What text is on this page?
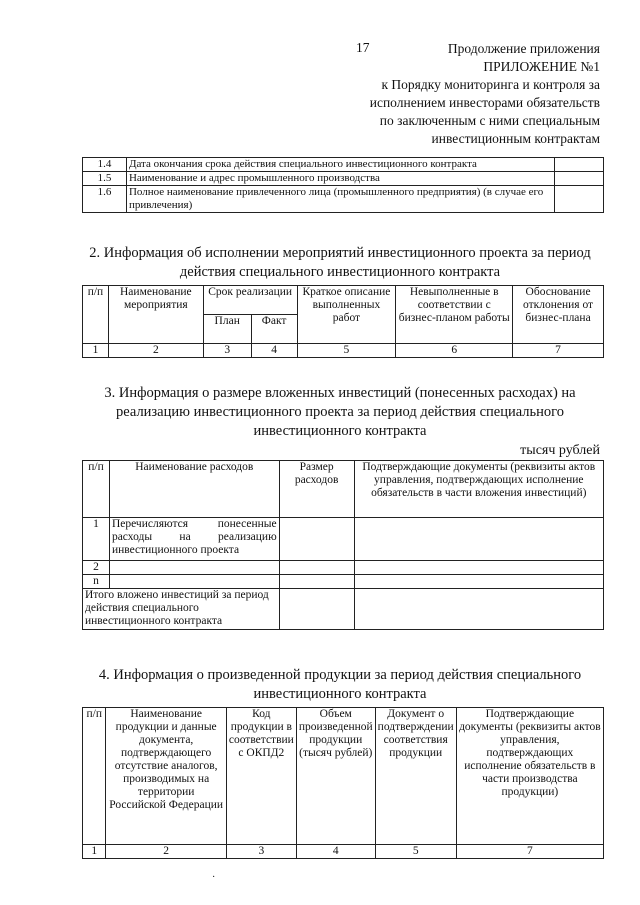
17	Продолжение приложения
ПРИЛОЖЕНИЕ №1
к Порядку мониторинга и контроля за
исполнением инвесторами обязательств
по заключенным с ними специальным
инвестиционным контрактам
1.4	Дата окончания срока действия специального инвестиционного контракта	
1.5	Наименование и адрес промышленного производства	
1.6	Полное наименование привлеченного лица (промышленного предприятия) (в случае его привлечения)	
2. Информация об исполнении мероприятий инвестиционного проекта за период действия специального инвестиционного контракта
п/п	Наименование мероприятия	Срок реализации		Краткое описание выполненных работ	Невыполненные в соответствии с бизнес-планом работы	Обоснование отклонения от бизнес-плана
		План	Факт			
1	2	3	4	5	6	7
3. Информация о размере вложенных инвестиций (понесенных расходах) на реализацию инвестиционного проекта за период действия специального инвестиционного контракта
тысяч рублей
п/п	Наименование расходов	Размер расходов	Подтверждающие документы (реквизиты актов управления, подтверждающих исполнение обязательств в части вложения инвестиций)
1	Перечисляются понесенные расходы на реализацию инвестиционного проекта		
2			
n			
Итого вложено инвестиций за период действия специального инвестиционного контракта			
4. Информация о произведенной продукции за период действия специального инвестиционного контракта
п/п	Наименование продукции и данные документа, подтверждающего отсутствие аналогов, производимых на территории Российской Федерации	Код продукции в соответствии с ОКПД2	Объем произведенной продукции (тысяч рублей)	Документ о подтверждении соответствия продукции	Подтверждающие документы (реквизиты актов управления, подтверждающих исполнение обязательств в части производства продукции)
1	2	3	4	5	7
·
